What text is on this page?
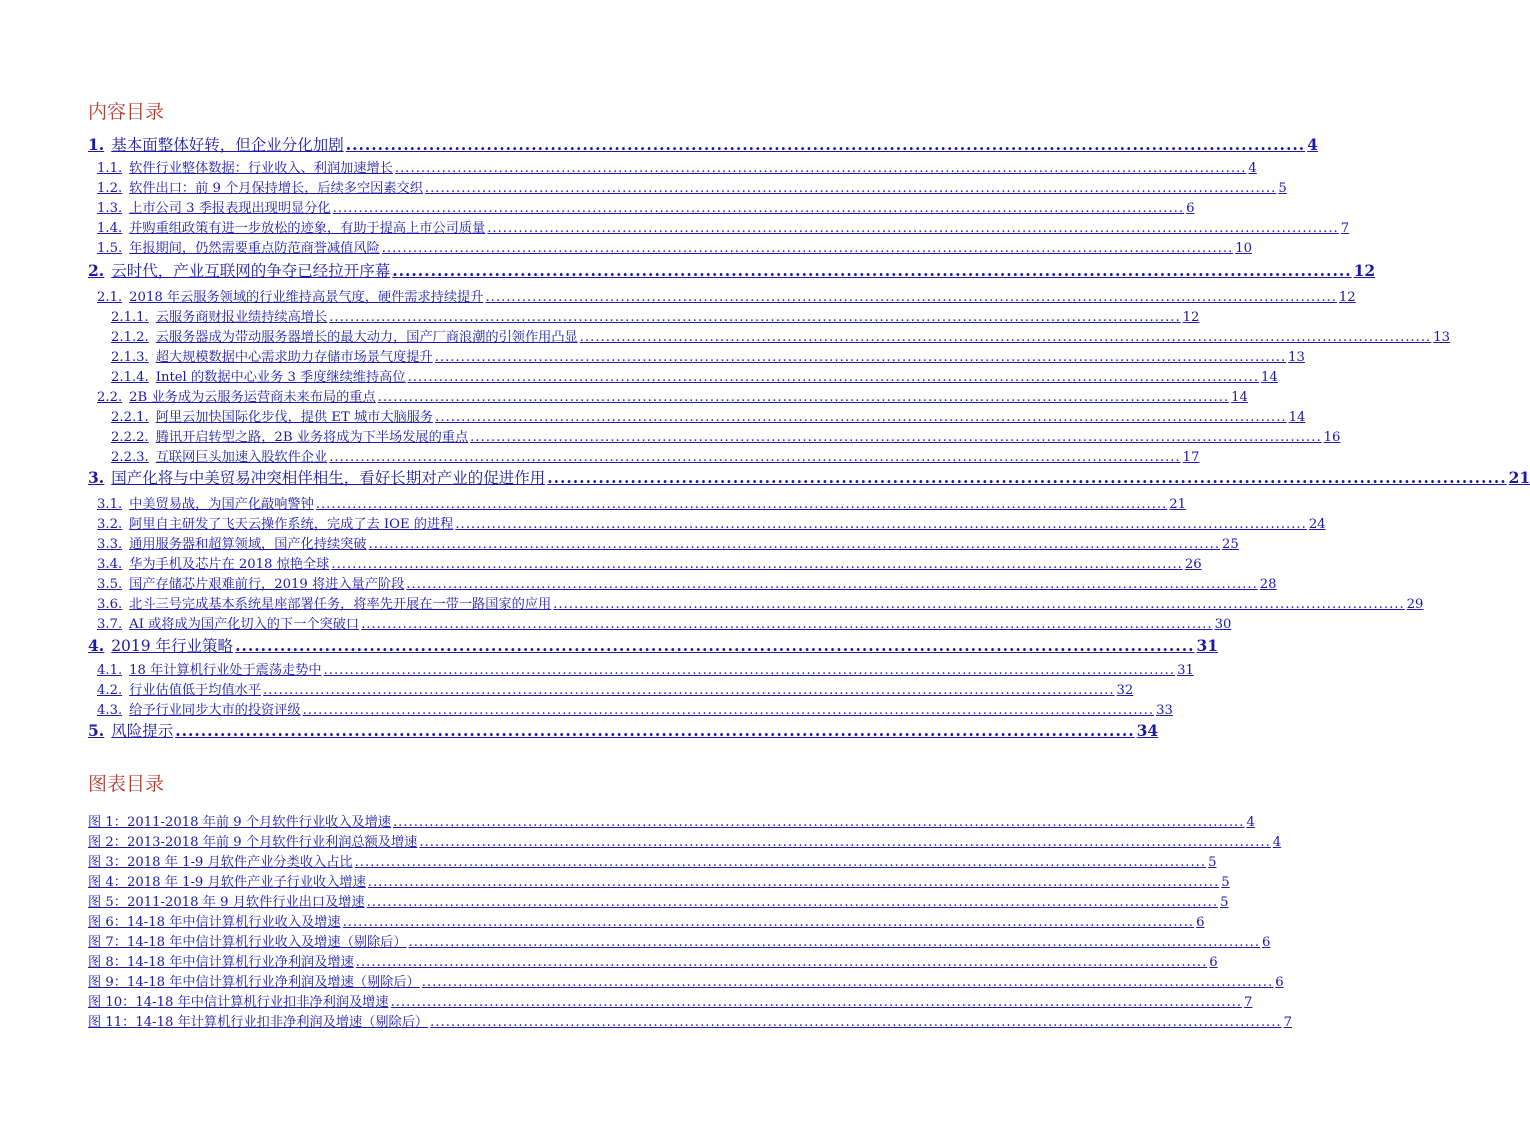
内容目录
1. 基本面整体好转，但企业分化加剧 ...................................................................................................................................................... 4
1.1. 软件行业整体数据：行业收入、利润加速增长 .................................................................................................................................................................... 4
1.2. 软件出口：前 9 个月保持增长，后续多空因素交织 .................................................................................................................................................................... 5
1.3. 上市公司 3 季报表现出现明显分化 .................................................................................................................................................................... 6
1.4. 并购重组政策有进一步放松的迹象，有助于提高上市公司质量 .................................................................................................................................................................... 7
1.5. 年报期间，仍然需要重点防范商誉减值风险 .................................................................................................................................................................... 10
2. 云时代，产业互联网的争夺已经拉开序幕 ...................................................................................................................................................... 12
2.1. 2018 年云服务领域的行业维持高景气度，硬件需求持续提升 .................................................................................................................................................................... 12
2.1.1. 云服务商财报业绩持续高增长 .................................................................................................................................................................... 12
2.1.2. 云服务器成为带动服务器增长的最大动力，国产厂商浪潮的引领作用凸显 .................................................................................................................................................................... 13
2.1.3. 超大规模数据中心需求助力存储市场景气度提升 .................................................................................................................................................................... 13
2.1.4. Intel 的数据中心业务 3 季度继续维持高位 .................................................................................................................................................................... 14
2.2. 2B 业务成为云服务运营商未来布局的重点 .................................................................................................................................................................... 14
2.2.1. 阿里云加快国际化步伐，提供 ET 城市大脑服务 .................................................................................................................................................................... 14
2.2.2. 腾讯开启转型之路，2B 业务将成为下半场发展的重点 .................................................................................................................................................................... 16
2.2.3. 互联网巨头加速入股软件企业 .................................................................................................................................................................... 17
3. 国产化将与中美贸易冲突相伴相生，看好长期对产业的促进作用 ...................................................................................................................................................... 21
3.1. 中美贸易战，为国产化敲响警钟 .................................................................................................................................................................... 21
3.2. 阿里自主研发了飞天云操作系统，完成了去 IOE 的进程 .................................................................................................................................................................... 24
3.3. 通用服务器和超算领域，国产化持续突破 .................................................................................................................................................................... 25
3.4. 华为手机及芯片在 2018 惊艳全球 .................................................................................................................................................................... 26
3.5. 国产存储芯片艰难前行，2019 将进入量产阶段 .................................................................................................................................................................... 28
3.6. 北斗三号完成基本系统星座部署任务，将率先开展在一带一路国家的应用 .................................................................................................................................................................... 29
3.7. AI 或将成为国产化切入的下一个突破口 .................................................................................................................................................................... 30
4. 2019 年行业策略 ...................................................................................................................................................... 31
4.1. 18 年计算机行业处于震荡走势中 .................................................................................................................................................................... 31
4.2. 行业估值低于均值水平 .................................................................................................................................................................... 32
4.3. 给予行业同步大市的投资评级 .................................................................................................................................................................... 33
5. 风险提示 ...................................................................................................................................................... 34
图表目录
图 1：2011-2018 年前 9 个月软件行业收入及增速 .................................................................................................................................................................... 4
图 2：2013-2018 年前 9 个月软件行业利润总额及增速 .................................................................................................................................................................... 4
图 3：2018 年 1-9 月软件产业分类收入占比 .................................................................................................................................................................... 5
图 4：2018 年 1-9 月软件产业子行业收入增速 .................................................................................................................................................................... 5
图 5：2011-2018 年 9 月软件行业出口及增速 .................................................................................................................................................................... 5
图 6：14-18 年中信计算机行业收入及增速 .................................................................................................................................................................... 6
图 7：14-18 年中信计算机行业收入及增速（剔除后） .................................................................................................................................................................... 6
图 8：14-18 年中信计算机行业净利润及增速 .................................................................................................................................................................... 6
图 9：14-18 年中信计算机行业净利润及增速（剔除后） .................................................................................................................................................................... 6
图 10：14-18 年中信计算机行业扣非净利润及增速 .................................................................................................................................................................... 7
图 11：14-18 年计算机行业扣非净利润及增速（剔除后） .................................................................................................................................................................... 7
